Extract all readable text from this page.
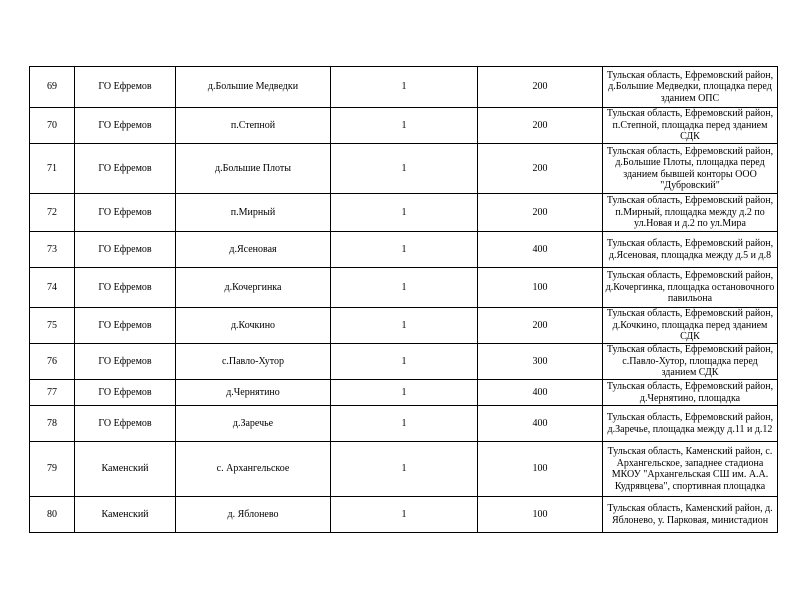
69	ГО Ефремов	д.Большие Медведки	1	200	Тульская область, Ефремовский район, д.Большие Медведки, площадка перед зданием ОПС
70	ГО Ефремов	п.Степной	1	200	Тульская область, Ефремовский район, п.Степной, площадка перед зданием СДК
71	ГО Ефремов	д.Большие Плоты	1	200	Тульская область, Ефремовский район, д.Большие Плоты, площадка перед зданием бывшей конторы ООО "Дубровский"
72	ГО Ефремов	п.Мирный	1	200	Тульская область, Ефремовский район, п.Мирный, площадка между д.2 по ул.Новая и д.2 по ул.Мира
73	ГО Ефремов	д.Ясеновая	1	400	Тульская область, Ефремовский район, д.Ясеновая, площадка между д.5 и д.8
74	ГО Ефремов	д.Кочергинка	1	100	Тульская область, Ефремовский район, д.Кочергинка, площадка остановочного павильона
75	ГО Ефремов	д.Кочкино	1	200	Тульская область, Ефремовский район, д.Кочкино, площадка перед зданием СДК
76	ГО Ефремов	с.Павло-Хутор	1	300	Тульская область, Ефремовский район, с.Павло-Хутор, площадка перед зданием СДК
77	ГО Ефремов	д.Чернятино	1	400	Тульская область, Ефремовский район, д.Чернятино, площадка
78	ГО Ефремов	д.Заречье	1	400	Тульская область, Ефремовский район, д.Заречье, площадка между д.11 и д.12
79	Каменский	с. Архангельское	1	100	Тульская область, Каменский район, с. Архангельское, западнее стадиона МКОУ "Архангельская СШ им. А.А. Кудрявцева", спортивная площадка
80	Каменский	д. Яблонево	1	100	Тульская область, Каменский район, д. Яблонево, у. Парковая, министадион
